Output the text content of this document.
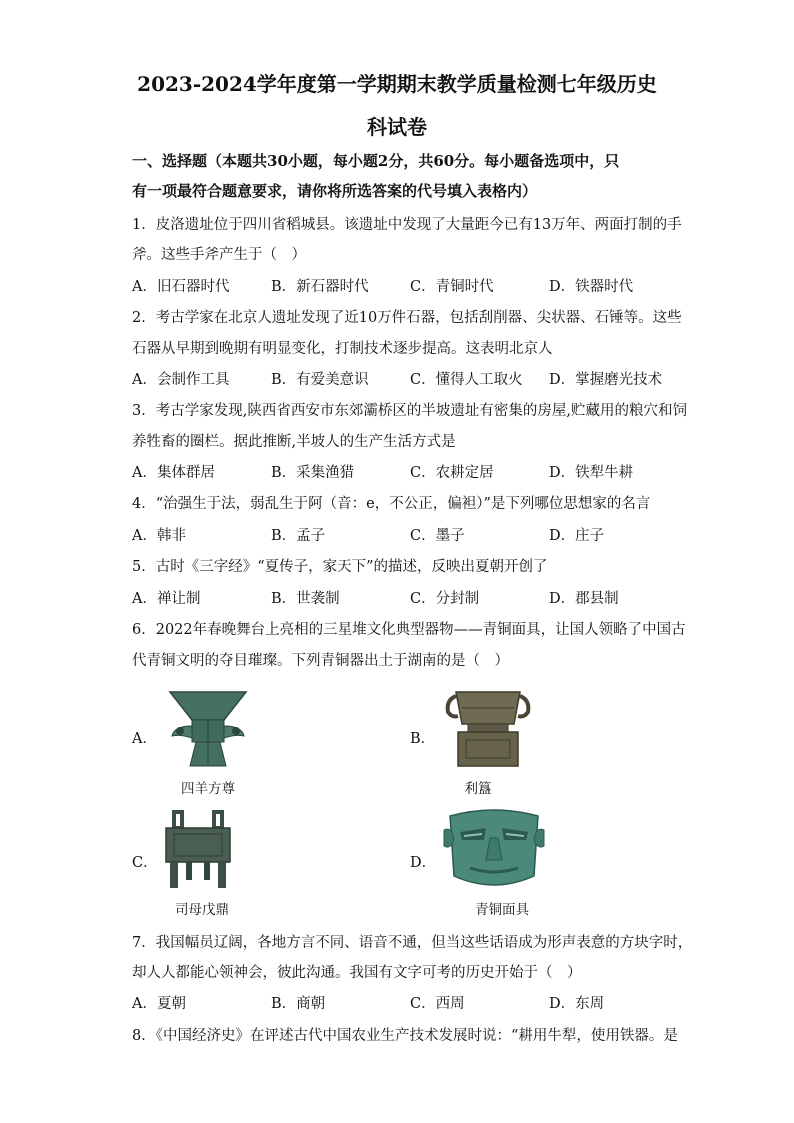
2023-2024学年度第一学期期末教学质量检测七年级历史
科试卷
一、选择题（本题共30小题，每小题2分，共60分。每小题备选项中，只
有一项最符合题意要求，请你将所选答案的代号填入表格内）
1．皮洛遗址位于四川省稻城县。该遗址中发现了大量距今已有13万年、两面打制的手
斧。这些手斧产生于（　）
A．旧石器时代	B．新石器时代	C．青铜时代	D．铁器时代
2．考古学家在北京人遗址发现了近10万件石器，包括刮削器、尖状器、石锤等。这些
石器从早期到晚期有明显变化，打制技术逐步提高。这表明北京人
A．会制作工具	B．有爱美意识	C．懂得人工取火 D．掌握磨光技术
3．考古学家发现,陕西省西安市东郊灞桥区的半坡遗址有密集的房屋,贮藏用的粮穴和饲
养牲畜的圈栏。据此推断,半坡人的生产生活方式是
A．集体群居	B．采集渔猎	C．农耕定居	D．铁犁牛耕
4．“治强生于法，弱乱生于阿（音：e，不公正，偏袒）”是下列哪位思想家的名言
A．韩非	B．孟子	C．墨子	D．庄子
5．古时《三字经》“夏传子，家天下”的描述，反映出夏朝开创了
A．禅让制	B．世袭制	C．分封制	D．郡县制
6．2022年春晚舞台上亮相的三星堆文化典型器物——青铜面具，让国人领略了中国古
代青铜文明的夺目璀璨。下列青铜器出土于湖南的是（　）
A．
四羊方尊
B．
利簋
C．
司母戊鼎
D．
青铜面具
7．我国幅员辽阔，各地方言不同、语音不通，但当这些话语成为形声表意的方块字时，
却人人都能心领神会，彼此沟通。我国有文字可考的历史开始于（　）
A．夏朝	B．商朝	C．西周	D．东周
8．《中国经济史》在评述古代中国农业生产技术发展时说：“耕用牛犁，使用铁器。是
